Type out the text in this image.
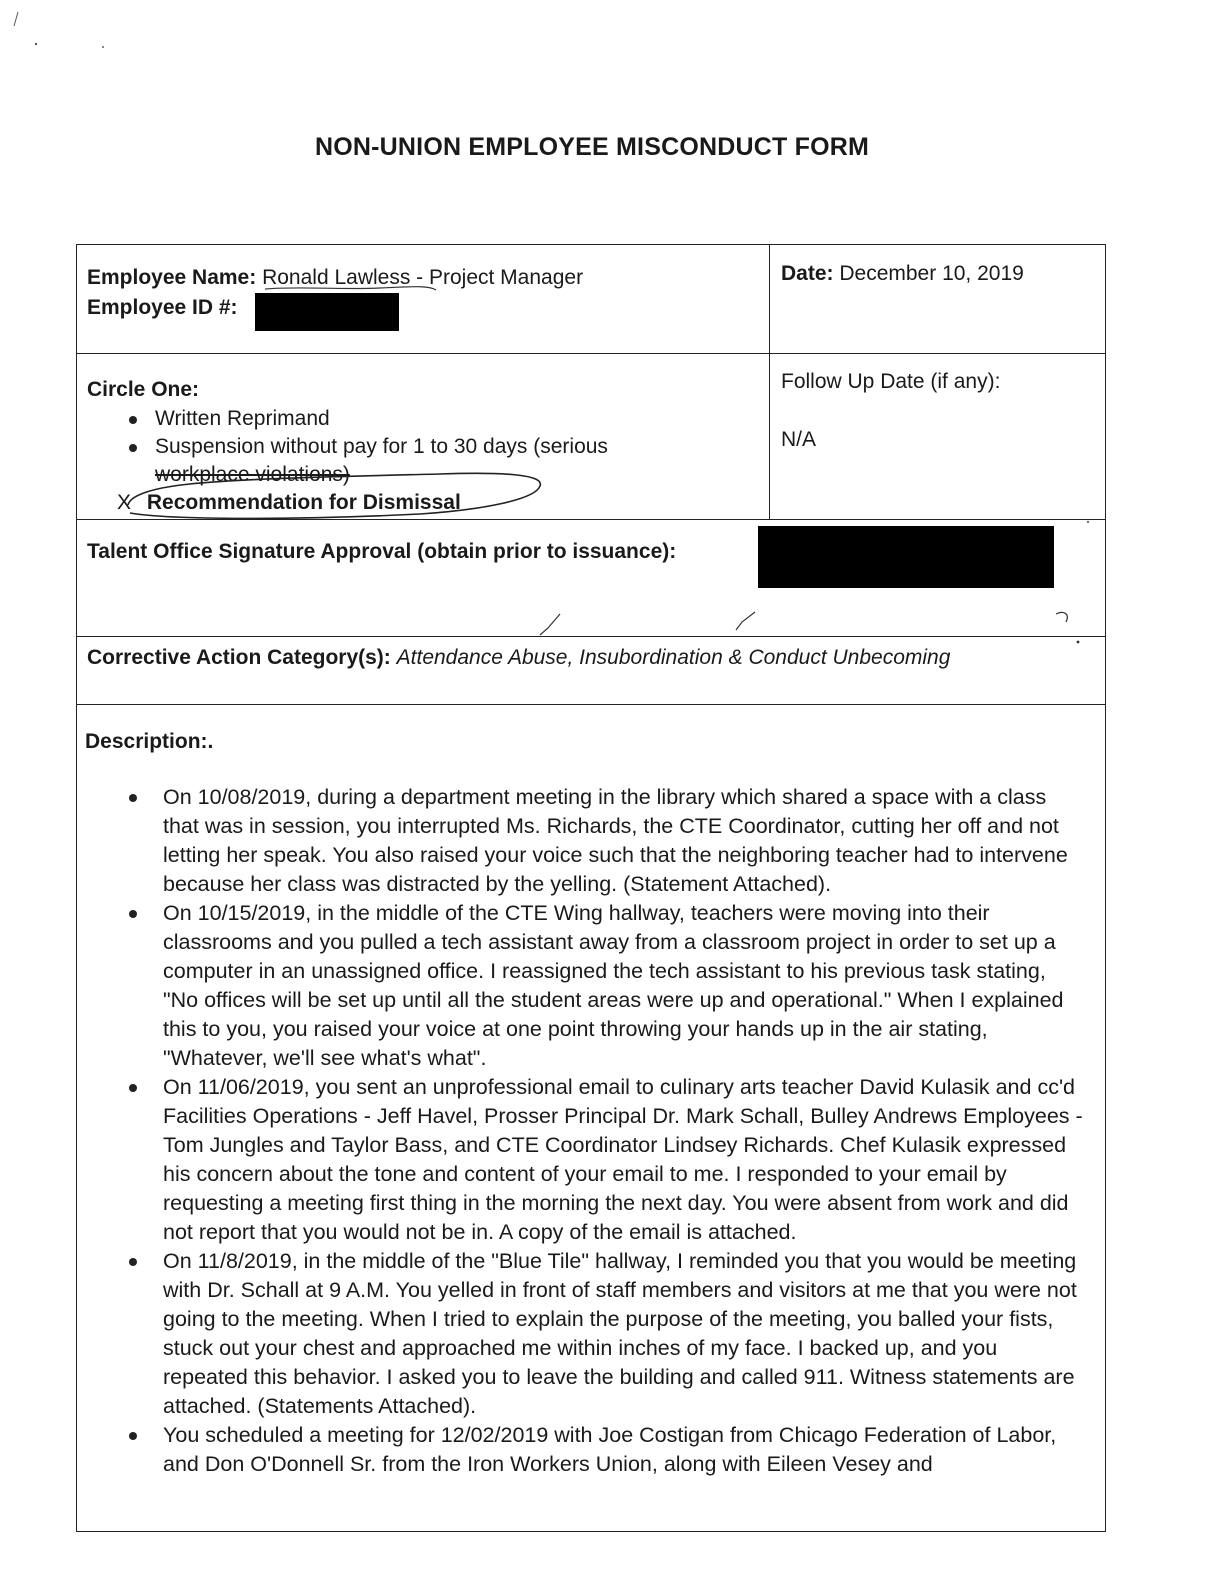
NON-UNION EMPLOYEE MISCONDUCT FORM
Employee Name: Ronald Lawless - Project Manager
Employee ID #:
Date: December 10, 2019
Circle One:
Written Reprimand
Suspension without pay for 1 to 30 days (serious
workplace violations)
X Recommendation for Dismissal
Follow Up Date (if any):
N/A
Talent Office Signature Approval (obtain prior to issuance):
Corrective Action Category(s): Attendance Abuse, Insubordination & Conduct Unbecoming
Description:.
On 10/08/2019, during a department meeting in the library which shared a space with a class that was in session, you interrupted Ms. Richards, the CTE Coordinator, cutting her off and not letting her speak. You also raised your voice such that the neighboring teacher had to intervene because her class was distracted by the yelling. (Statement Attached).
On 10/15/2019, in the middle of the CTE Wing hallway, teachers were moving into their classrooms and you pulled a tech assistant away from a classroom project in order to set up a computer in an unassigned office. I reassigned the tech assistant to his previous task stating, "No offices will be set up until all the student areas were up and operational." When I explained this to you, you raised your voice at one point throwing your hands up in the air stating, "Whatever, we'll see what's what".
On 11/06/2019, you sent an unprofessional email to culinary arts teacher David Kulasik and cc'd Facilities Operations - Jeff Havel, Prosser Principal Dr. Mark Schall, Bulley Andrews Employees - Tom Jungles and Taylor Bass, and CTE Coordinator Lindsey Richards. Chef Kulasik expressed his concern about the tone and content of your email to me. I responded to your email by requesting a meeting first thing in the morning the next day. You were absent from work and did not report that you would not be in. A copy of the email is attached.
On 11/8/2019, in the middle of the "Blue Tile" hallway, I reminded you that you would be meeting with Dr. Schall at 9 A.M. You yelled in front of staff members and visitors at me that you were not going to the meeting. When I tried to explain the purpose of the meeting, you balled your fists, stuck out your chest and approached me within inches of my face. I backed up, and you repeated this behavior. I asked you to leave the building and called 911. Witness statements are attached. (Statements Attached).
You scheduled a meeting for 12/02/2019 with Joe Costigan from Chicago Federation of Labor, and Don O'Donnell Sr. from the Iron Workers Union, along with Eileen Vesey and
